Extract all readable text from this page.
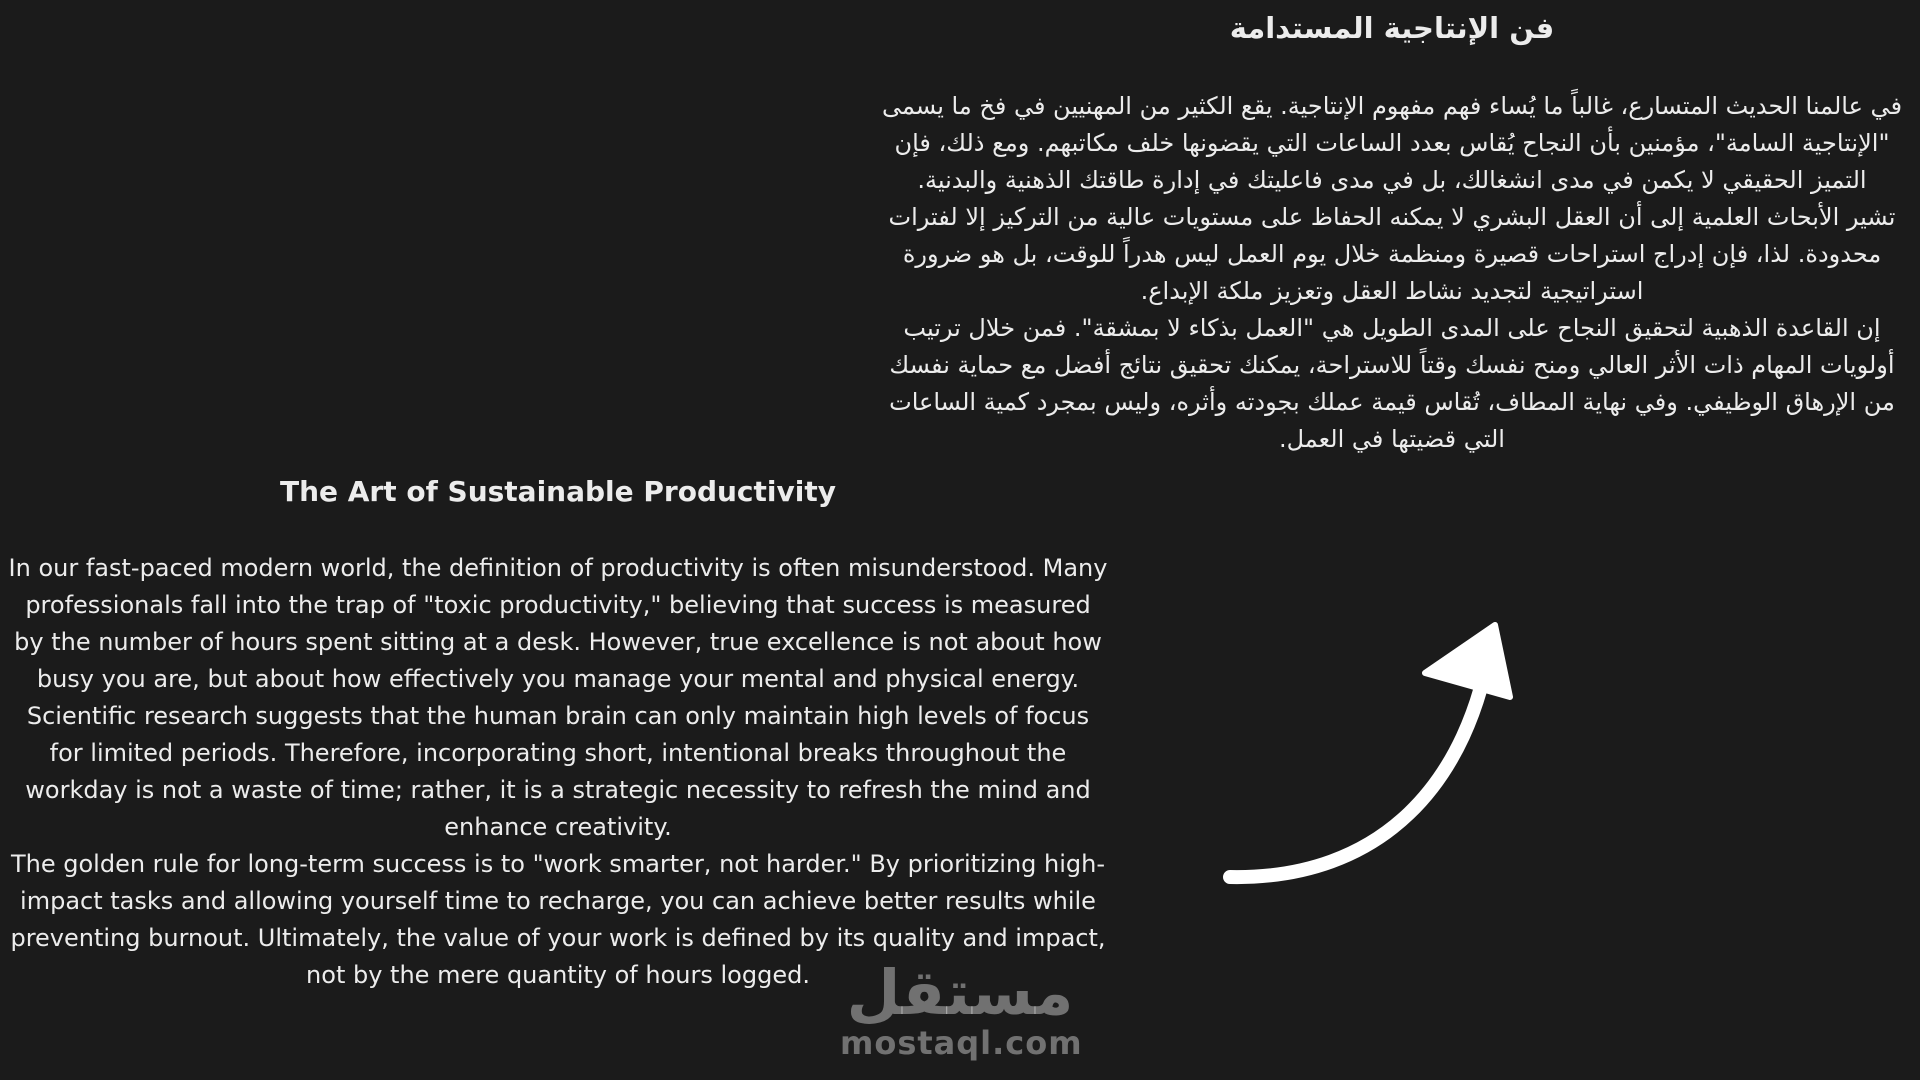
فن الإنتاجية المستدامة

في عالمنا الحديث المتسارع، غالباً ما يُساء فهم مفهوم الإنتاجية. يقع الكثير من المهنيين في فخ ما يسمى "الإنتاجية السامة"، مؤمنين بأن النجاح يُقاس بعدد الساعات التي يقضونها خلف مكاتبهم. ومع ذلك، فإن التميز الحقيقي لا يكمن في مدى انشغالك، بل في مدى فاعليتك في إدارة طاقتك الذهنية والبدنية.

تشير الأبحاث العلمية إلى أن العقل البشري لا يمكنه الحفاظ على مستويات عالية من التركيز إلا لفترات محدودة. لذا، فإن إدراج استراحات قصيرة ومنظمة خلال يوم العمل ليس هدراً للوقت، بل هو ضرورة استراتيجية لتجديد نشاط العقل وتعزيز ملكة الإبداع.

إن القاعدة الذهبية لتحقيق النجاح على المدى الطويل هي "العمل بذكاء لا بمشقة". فمن خلال ترتيب أولويات المهام ذات الأثر العالي ومنح نفسك وقتاً للاستراحة، يمكنك تحقيق نتائج أفضل مع حماية نفسك من الإرهاق الوظيفي. وفي نهاية المطاف، تُقاس قيمة عملك بجودته وأثره، وليس بمجرد كمية الساعات التي قضيتها في العمل.

The Art of Sustainable Productivity

In our fast-paced modern world, the definition of productivity is often misunderstood. Many professionals fall into the trap of "toxic productivity," believing that success is measured by the number of hours spent sitting at a desk. However, true excellence is not about how busy you are, but about how effectively you manage your mental and physical energy.

Scientific research suggests that the human brain can only maintain high levels of focus for limited periods. Therefore, incorporating short, intentional breaks throughout the workday is not a waste of time; rather, it is a strategic necessity to refresh the mind and enhance creativity.

The golden rule for long-term success is to "work smarter, not harder." By prioritizing high-impact tasks and allowing yourself time to recharge, you can achieve better results while preventing burnout. Ultimately, the value of your work is defined by its quality and impact, not by the mere quantity of hours logged. مستقل
mostaql.com
